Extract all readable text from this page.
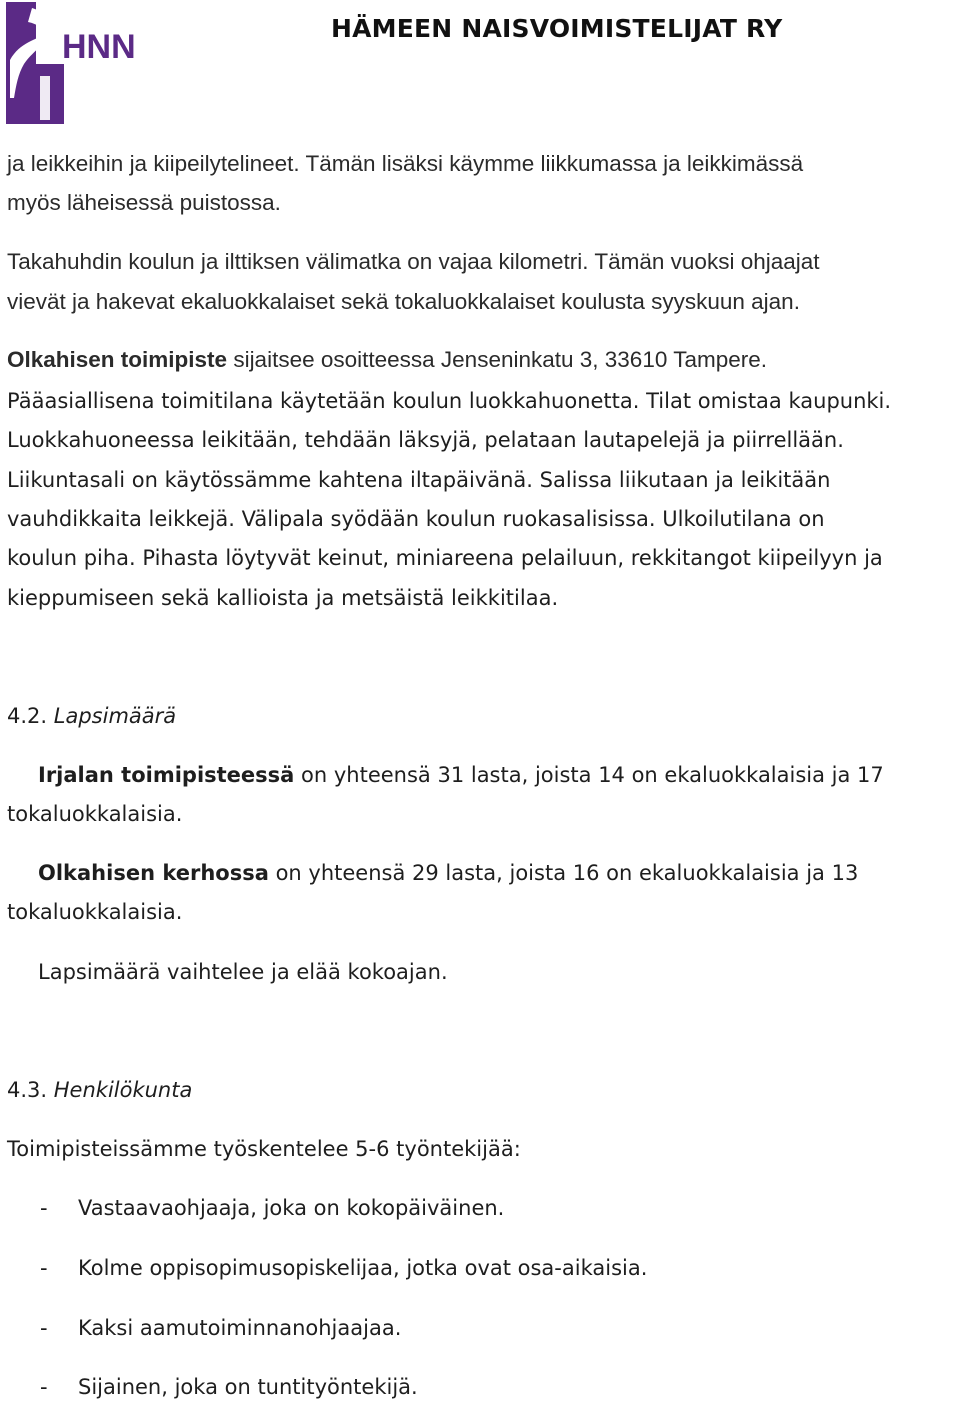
HNN	HÄMEEN NAISVOIMISTELIJAT RY
ja leikkeihin ja kiipeilytelineet. Tämän lisäksi käymme liikkumassa ja leikkimässä
myös läheisessä puistossa.
Takahuhdin koulun ja ilttiksen välimatka on vajaa kilometri. Tämän vuoksi ohjaajat
vievät ja hakevat ekaluokkalaiset sekä tokaluokkalaiset koulusta syyskuun ajan.
Olkahisen toimipiste sijaitsee osoitteessa Jenseninkatu 3, 33610 Tampere.
Pääasiallisena toimitilana käytetään koulun luokkahuonetta. Tilat omistaa kaupunki.
Luokkahuoneessa leikitään, tehdään läksyjä, pelataan lautapelejä ja piirrellään.
Liikuntasali on käytössämme kahtena iltapäivänä. Salissa liikutaan ja leikitään
vauhdikkaita leikkejä. Välipala syödään koulun ruokasalisissa. Ulkoilutilana on
koulun piha. Pihasta löytyvät keinut, miniareena pelailuun, rekkitangot kiipeilyyn ja
kieppumiseen sekä kallioista ja metsäistä leikkitilaa.
4.2. Lapsimäärä
Irjalan toimipisteessä on yhteensä 31 lasta, joista 14 on ekaluokkalaisia ja 17
tokaluokkalaisia.
Olkahisen kerhossa on yhteensä 29 lasta, joista 16 on ekaluokkalaisia ja 13
tokaluokkalaisia.
Lapsimäärä vaihtelee ja elää kokoajan.
4.3. Henkilökunta
Toimipisteissämme työskentelee 5-6 työntekijää:
- Vastaavaohjaaja, joka on kokopäiväinen.
- Kolme oppisopimusopiskelijaa, jotka ovat osa-aikaisia.
- Kaksi aamutoiminnanohjaajaa.
- Sijainen, joka on tuntityöntekijä.
